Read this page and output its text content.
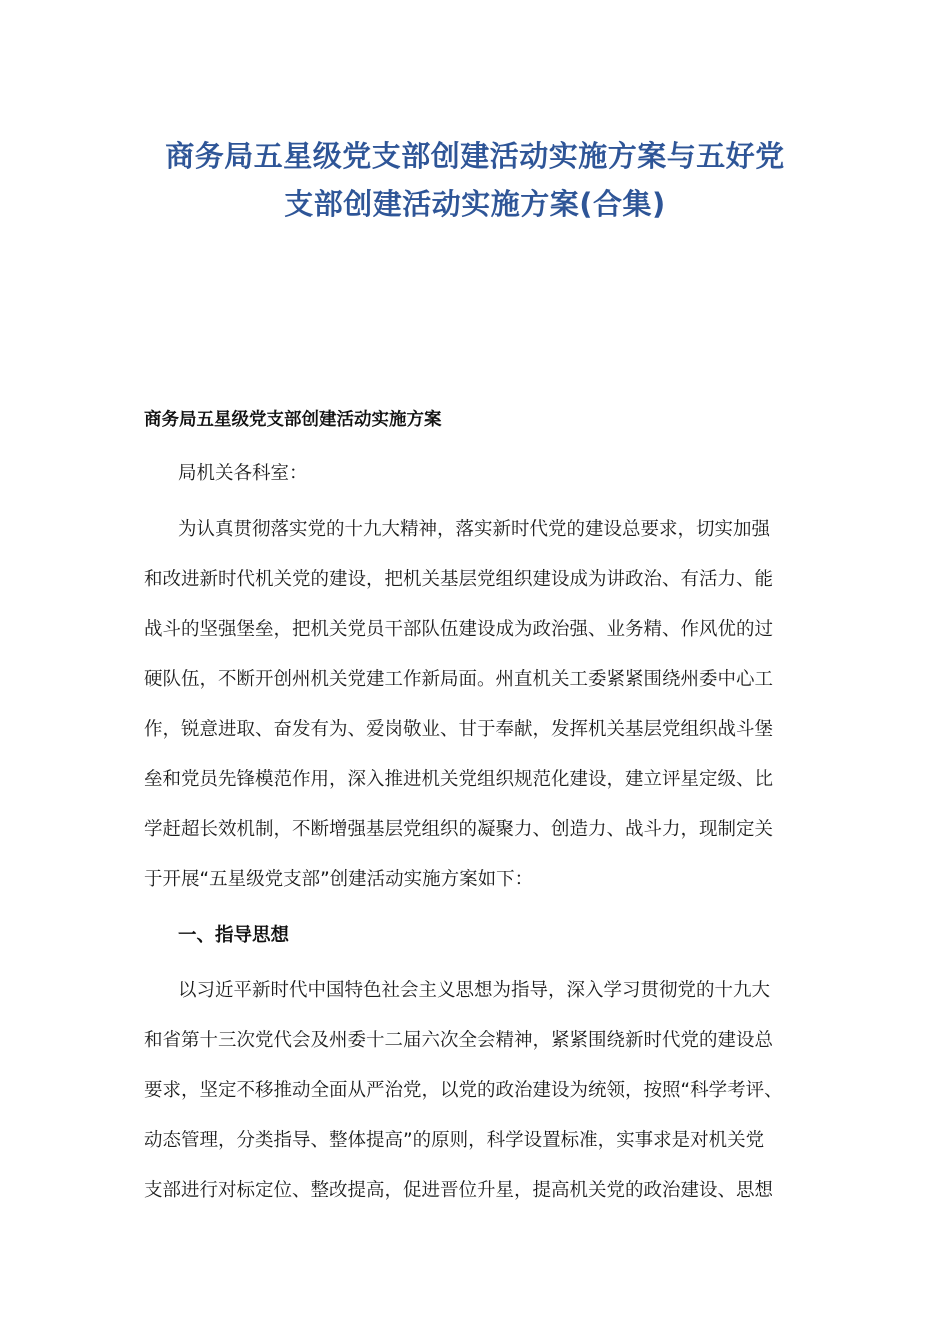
商务局五星级党支部创建活动实施方案与五好党
支部创建活动实施方案(合集)
商务局五星级党支部创建活动实施方案
局机关各科室：
为认真贯彻落实党的十九大精神，落实新时代党的建设总要求，切实加强
和改进新时代机关党的建设，把机关基层党组织建设成为讲政治、有活力、能
战斗的坚强堡垒，把机关党员干部队伍建设成为政治强、业务精、作风优的过
硬队伍，不断开创州机关党建工作新局面。州直机关工委紧紧围绕州委中心工
作，锐意进取、奋发有为、爱岗敬业、甘于奉献，发挥机关基层党组织战斗堡
垒和党员先锋模范作用，深入推进机关党组织规范化建设，建立评星定级、比
学赶超长效机制，不断增强基层党组织的凝聚力、创造力、战斗力，现制定关
于开展“五星级党支部”创建活动实施方案如下：
一、指导思想
以习近平新时代中国特色社会主义思想为指导，深入学习贯彻党的十九大
和省第十三次党代会及州委十二届六次全会精神，紧紧围绕新时代党的建设总
要求，坚定不移推动全面从严治党，以党的政治建设为统领，按照“科学考评、
动态管理，分类指导、整体提高”的原则，科学设置标准，实事求是对机关党
支部进行对标定位、整改提高，促进晋位升星，提高机关党的政治建设、思想
